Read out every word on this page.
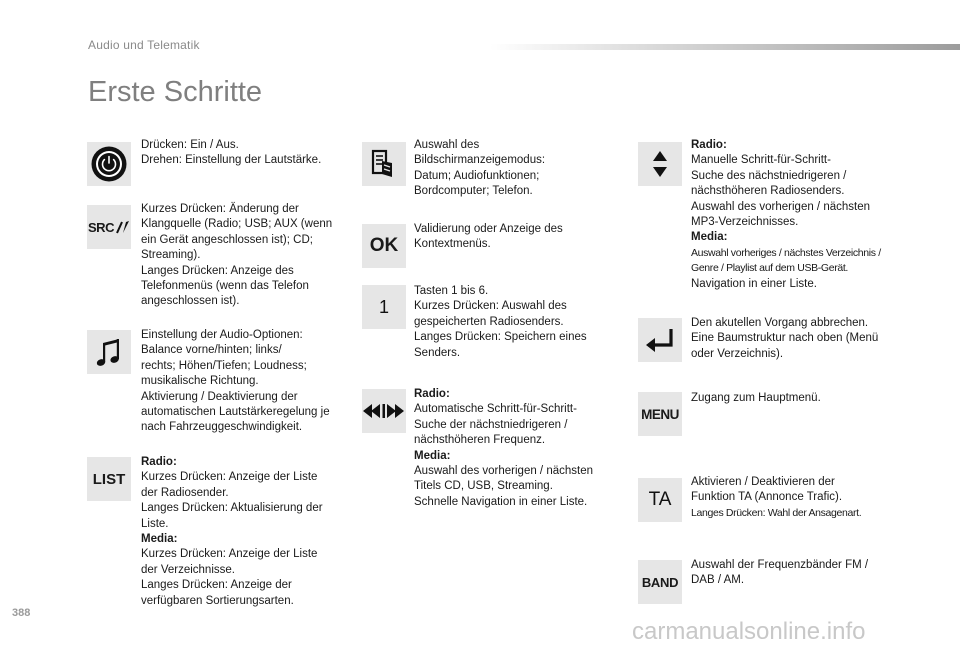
Audio und Telematik
Erste Schritte
Drücken: Ein / Aus.
Drehen: Einstellung der Lautstärke.
SRC
Kurzes Drücken: Änderung der
Klangquelle (Radio; USB; AUX (wenn
ein Gerät angeschlossen ist); CD;
Streaming).
Langes Drücken: Anzeige des
Telefonmenüs (wenn das Telefon
angeschlossen ist).
Einstellung der Audio-Optionen:
Balance vorne/hinten; links/
rechts; Höhen/Tiefen; Loudness;
musikalische Richtung.
Aktivierung / Deaktivierung der
automatischen Lautstärkeregelung je
nach Fahrzeuggeschwindigkeit.
LIST
Radio:
Kurzes Drücken: Anzeige der Liste
der Radiosender.
Langes Drücken: Aktualisierung der
Liste.
Media:
Kurzes Drücken: Anzeige der Liste
der Verzeichnisse.
Langes Drücken: Anzeige der
verfügbaren Sortierungsarten.
Auswahl des
Bildschirmanzeigemodus:
Datum; Audiofunktionen;
Bordcomputer; Telefon.
OK
Validierung oder Anzeige des
Kontextmenüs.
1
Tasten 1 bis 6.
Kurzes Drücken: Auswahl des
gespeicherten Radiosenders.
Langes Drücken: Speichern eines
Senders.
Radio:
Automatische Schritt-für-Schritt-
Suche der nächstniedrigeren /
nächsthöheren Frequenz.
Media:
Auswahl des vorherigen / nächsten
Titels CD, USB, Streaming.
Schnelle Navigation in einer Liste.
Radio:
Manuelle Schritt-für-Schritt-
Suche des nächstniedrigeren /
nächsthöheren Radiosenders.
Auswahl des vorherigen / nächsten
MP3-Verzeichnisses.
Media:
Auswahl vorheriges / nächstes Verzeichnis /
Genre / Playlist auf dem USB-Gerät.
Navigation in einer Liste.
Den akutellen Vorgang abbrechen.
Eine Baumstruktur nach oben (Menü
oder Verzeichnis).
MENU
Zugang zum Hauptmenü.
TA
Aktivieren / Deaktivieren der
Funktion TA (Annonce Trafic).
Langes Drücken: Wahl der Ansagenart.
BAND
Auswahl der Frequenzbänder FM /
DAB / AM.
388
carmanualsonline.info
